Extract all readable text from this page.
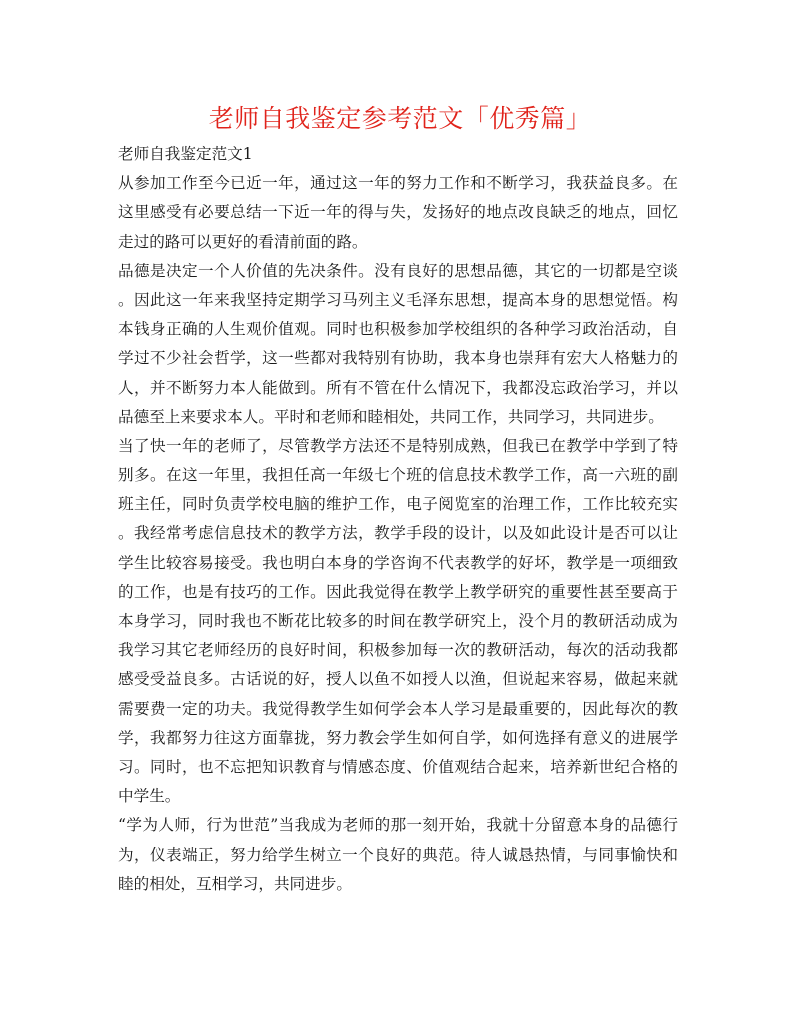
老师自我鉴定参考范文「优秀篇」
老师自我鉴定范文1
从参加工作至今已近一年，通过这一年的努力工作和不断学习，我获益良多。在
这里感受有必要总结一下近一年的得与失，发扬好的地点改良缺乏的地点，回忆
走过的路可以更好的看清前面的路。
品德是决定一个人价值的先决条件。没有良好的思想品德，其它的一切都是空谈
。因此这一年来我坚持定期学习马列主义毛泽东思想，提高本身的思想觉悟。构
本钱身正确的人生观价值观。同时也积极参加学校组织的各种学习政治活动，自
学过不少社会哲学，这一些都对我特别有协助，我本身也崇拜有宏大人格魅力的
人，并不断努力本人能做到。所有不管在什么情况下，我都没忘政治学习，并以
品德至上来要求本人。平时和老师和睦相处，共同工作，共同学习，共同进步。
当了快一年的老师了，尽管教学方法还不是特别成熟，但我已在教学中学到了特
别多。在这一年里，我担任高一年级七个班的信息技术教学工作，高一六班的副
班主任，同时负责学校电脑的维护工作，电子阅览室的治理工作，工作比较充实
。我经常考虑信息技术的教学方法，教学手段的设计，以及如此设计是否可以让
学生比较容易接受。我也明白本身的学咨询不代表教学的好坏，教学是一项细致
的工作，也是有技巧的工作。因此我觉得在教学上教学研究的重要性甚至要高于
本身学习，同时我也不断花比较多的时间在教学研究上，没个月的教研活动成为
我学习其它老师经历的良好时间，积极参加每一次的教研活动，每次的活动我都
感受受益良多。古话说的好，授人以鱼不如授人以渔，但说起来容易，做起来就
需要费一定的功夫。我觉得教学生如何学会本人学习是最重要的，因此每次的教
学，我都努力往这方面靠拢，努力教会学生如何自学，如何选择有意义的进展学
习。同时，也不忘把知识教育与情感态度、价值观结合起来，培养新世纪合格的
中学生。
“学为人师，行为世范”当我成为老师的那一刻开始，我就十分留意本身的品德行
为，仪表端正，努力给学生树立一个良好的典范。待人诚恳热情，与同事愉快和
睦的相处，互相学习，共同进步。
